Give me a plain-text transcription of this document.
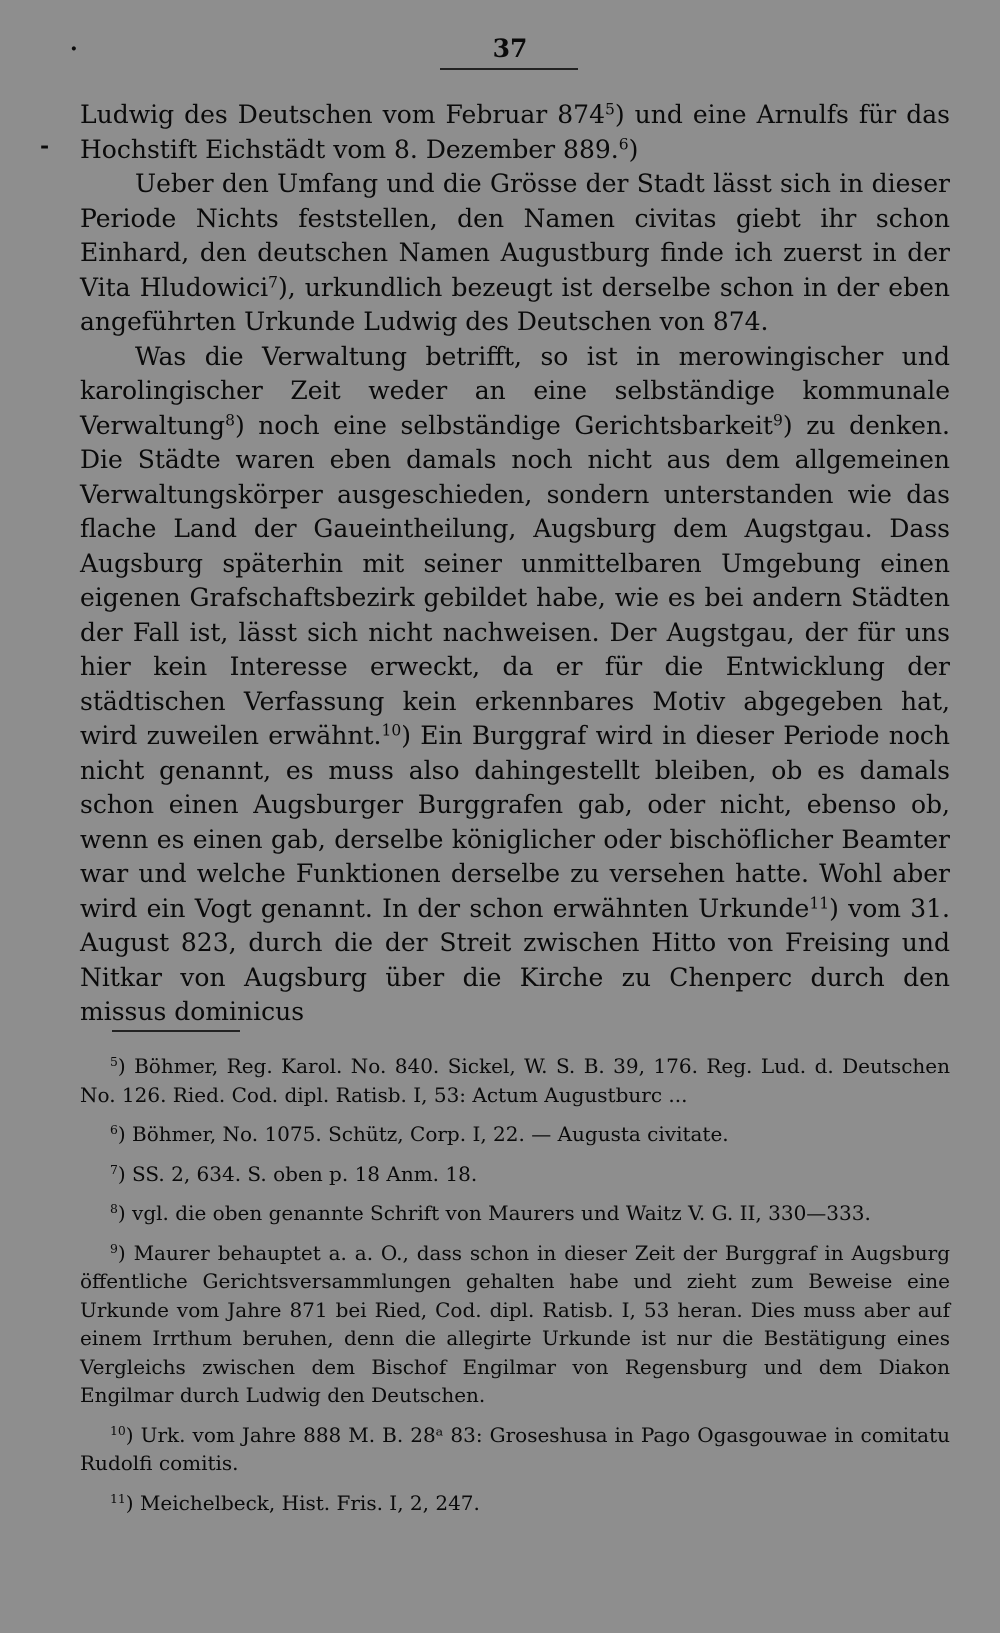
37
·
-

Ludwig des Deutschen vom Februar $874^5$) und eine Arnulfs für das Hochstift Eichstädt vom 8. Dezember 889.$^6$)

Ueber den Umfang und die Grösse der Stadt lässt sich in dieser Periode Nichts feststellen, den Namen civitas giebt ihr schon Einhard, den deutschen Namen Augustburg finde ich zuerst in der Vita Hludowici$^7$), urkundlich bezeugt ist derselbe schon in der eben angeführten Urkunde Ludwig des Deutschen von 874.

Was die Verwaltung betrifft, so ist in merowingischer und karolingischer Zeit weder an eine selbständige kommunale Verwaltung$^8$) noch eine selbständige Gerichtsbarkeit$^9$) zu denken. Die Städte waren eben damals noch nicht aus dem allgemeinen Verwaltungskörper ausgeschieden, sondern unterstanden wie das flache Land der Gaueintheilung, Augsburg dem Augstgau. Dass Augsburg späterhin mit seiner unmittelbaren Umgebung einen eigenen Grafschaftsbezirk gebildet habe, wie es bei andern Städten der Fall ist, lässt sich nicht nachweisen. Der Augstgau, der für uns hier kein Interesse erweckt, da er für die Entwicklung der städtischen Verfassung kein erkennbares Motiv abgegeben hat, wird zuweilen erwähnt.$^{10}$) Ein Burggraf wird in dieser Periode noch nicht genannt, es muss also dahingestellt bleiben, ob es damals schon einen Augsburger Burggrafen gab, oder nicht, ebenso ob, wenn es einen gab, derselbe königlicher oder bischöflicher Beamter war und welche Funktionen derselbe zu versehen hatte. Wohl aber wird ein Vogt genannt. In der schon erwähnten Urkunde$^{11}$) vom 31. August 823, durch die der Streit zwischen Hitto von Freising und Nitkar von Augsburg über die Kirche zu Chenperc durch den missus dominicus

$^5$) Böhmer, Reg. Karol. No. 840. Sickel, W. S. B. 39, 176. Reg. Lud. d. Deutschen No. 126. Ried. Cod. dipl. Ratisb. I, 53: Actum Augustburc ...

$^6$) Böhmer, No. 1075. Schütz, Corp. I, 22. — Augusta civitate.

$^7$) SS. 2, 634. S. oben p. 18 Anm. 18.

$^8$) vgl. die oben genannte Schrift von Maurers und Waitz V. G. II, 330—333.

$^9$) Maurer behauptet a. a. O., dass schon in dieser Zeit der Burggraf in Augsburg öffentliche Gerichtsversammlungen gehalten habe und zieht zum Beweise eine Urkunde vom Jahre 871 bei Ried, Cod. dipl. Ratisb. I, 53 heran. Dies muss aber auf einem Irrthum beruhen, denn die allegirte Urkunde ist nur die Bestätigung eines Vergleichs zwischen dem Bischof Engilmar von Regensburg und dem Diakon Engilmar durch Ludwig den Deutschen.

$^{10}$) Urk. vom Jahre 888 M. B. 28ᵃ 83: Groseshusa in Pago Ogasgouwae in comitatu Rudolfi comitis.

$^{11}$) Meichelbeck, Hist. Fris. I, 2, 247.
